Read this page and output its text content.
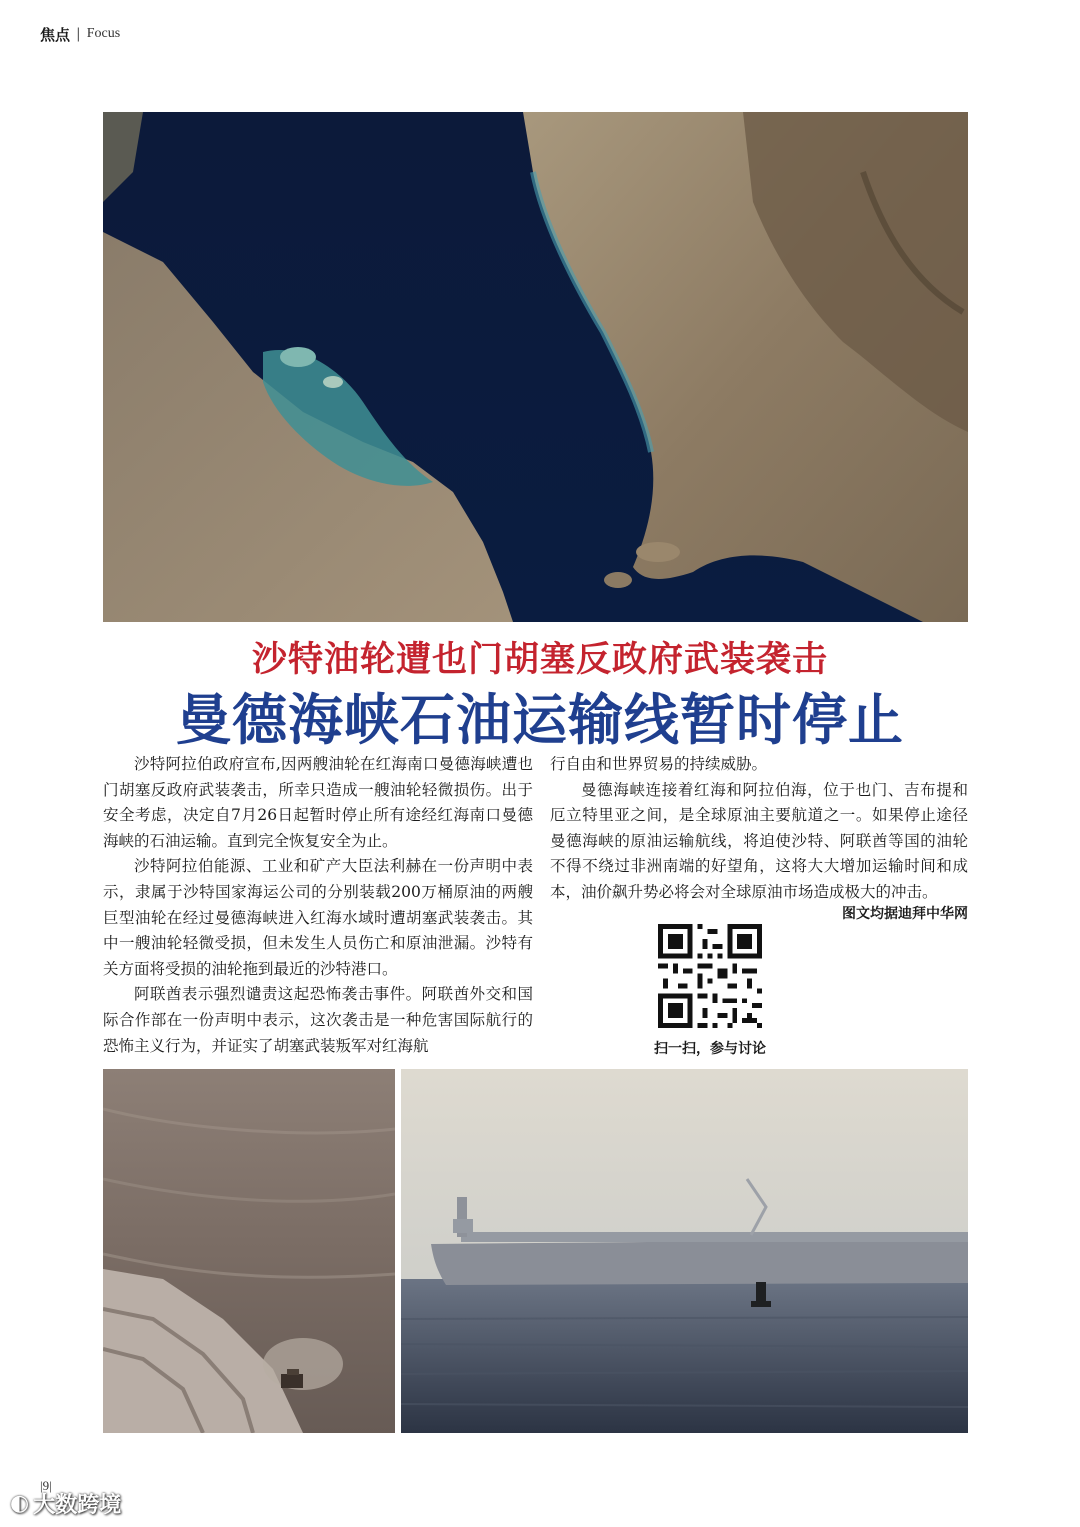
焦点 | Focus
沙特油轮遭也门胡塞反政府武装袭击
曼德海峡石油运输线暂时停止

沙特阿拉伯政府宣布,因两艘油轮在红海南口曼德海峡遭也门胡塞反政府武装袭击，所幸只造成一艘油轮轻微损伤。出于安全考虑，决定自7月26日起暂时停止所有途经红海南口曼德海峡的石油运输。直到完全恢复安全为止。

沙特阿拉伯能源、工业和矿产大臣法利赫在一份声明中表示，隶属于沙特国家海运公司的分别装载200万桶原油的两艘巨型油轮在经过曼德海峡进入红海水域时遭胡塞武装袭击。其中一艘油轮轻微受损，但未发生人员伤亡和原油泄漏。沙特有关方面将受损的油轮拖到最近的沙特港口。

阿联酋表示强烈谴责这起恐怖袭击事件。阿联酋外交和国际合作部在一份声明中表示，这次袭击是一种危害国际航行的恐怖主义行为，并证实了胡塞武装叛军对红海航

行自由和世界贸易的持续威胁。

曼德海峡连接着红海和阿拉伯海，位于也门、吉布提和厄立特里亚之间，是全球原油主要航道之一。如果停止途径曼德海峡的原油运输航线，将迫使沙特、阿联酋等国的油轮不得不绕过非洲南端的好望角，这将大大增加运输时间和成本，油价飙升势必将会对全球原油市场造成极大的冲击。

图文均据迪拜中华网
扫一扫，参与讨论
|9|
◐ 大数跨境
